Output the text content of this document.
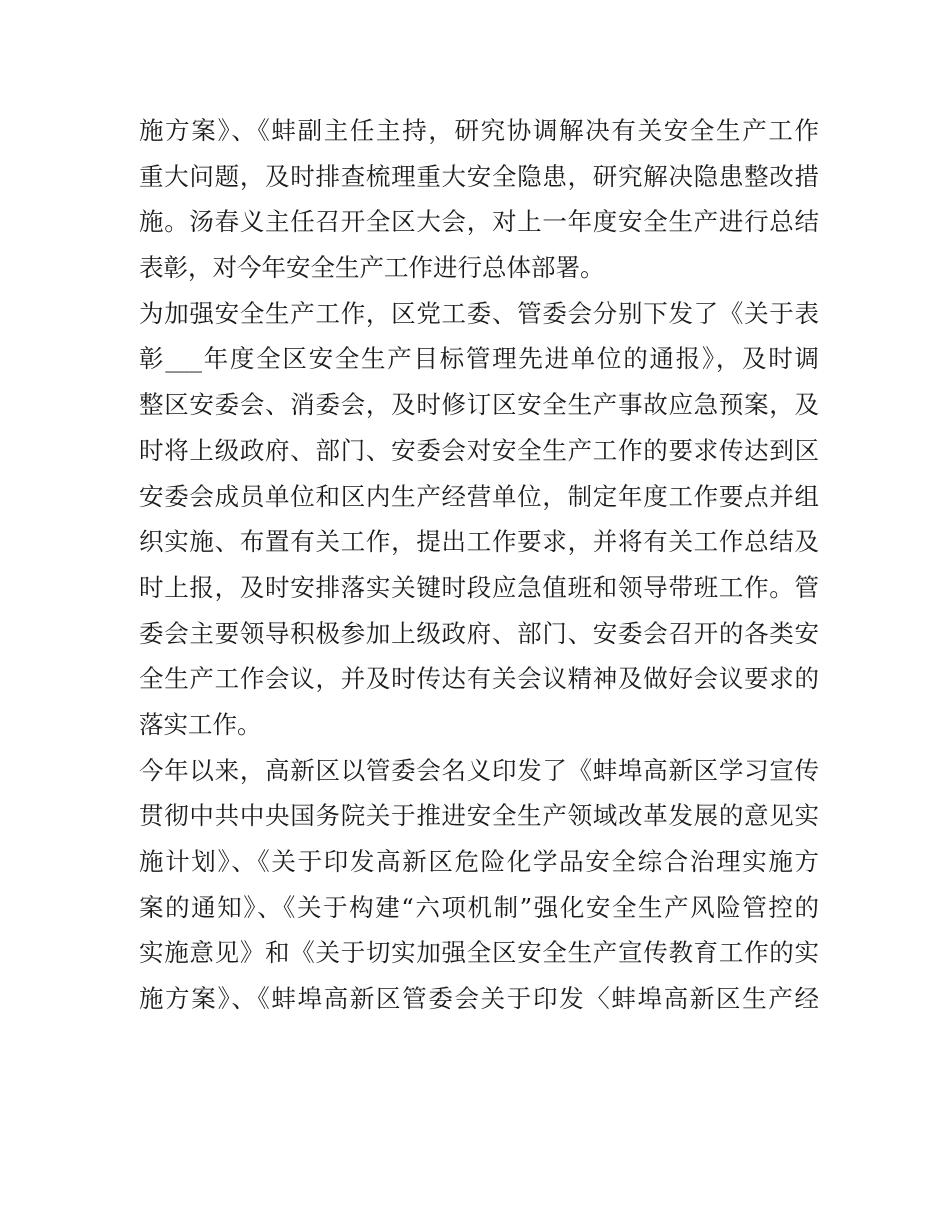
施方案》、《蚌副主任主持，研究协调解决有关安全生产工作
重大问题，及时排查梳理重大安全隐患，研究解决隐患整改措
施。汤春义主任召开全区大会，对上一年度安全生产进行总结
表彰，对今年安全生产工作进行总体部署。
为加强安全生产工作，区党工委、管委会分别下发了《关于表
彰___年度全区安全生产目标管理先进单位的通报》，及时调
整区安委会、消委会，及时修订区安全生产事故应急预案，及
时将上级政府、部门、安委会对安全生产工作的要求传达到区
安委会成员单位和区内生产经营单位，制定年度工作要点并组
织实施、布置有关工作，提出工作要求，并将有关工作总结及
时上报，及时安排落实关键时段应急值班和领导带班工作。管
委会主要领导积极参加上级政府、部门、安委会召开的各类安
全生产工作会议，并及时传达有关会议精神及做好会议要求的
落实工作。
今年以来，高新区以管委会名义印发了《蚌埠高新区学习宣传
贯彻中共中央国务院关于推进安全生产领域改革发展的意见实
施计划》、《关于印发高新区危险化学品安全综合治理实施方
案的通知》、《关于构建“六项机制”强化安全生产风险管控的
实施意见》和《关于切实加强全区安全生产宣传教育工作的实
施方案》、《蚌埠高新区管委会关于印发〈蚌埠高新区生产经
